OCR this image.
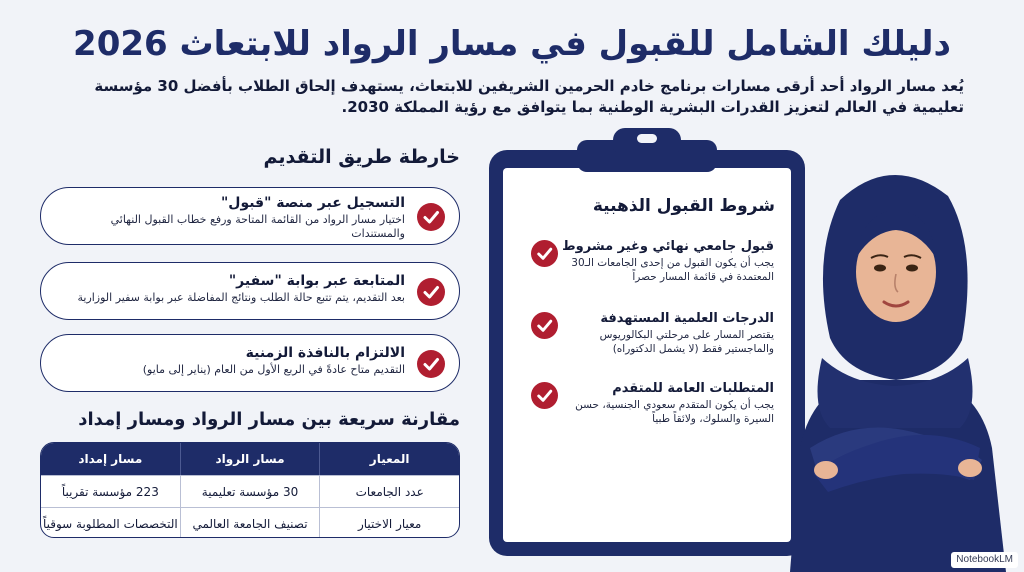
دليلك الشامل للقبول في مسار الرواد للابتعاث 2026

يُعد مسار الرواد أحد أرقى مسارات برنامج خادم الحرمين الشريفين للابتعاث، يستهدف إلحاق الطلاب بأفضل 30 مؤسسة تعليمية في العالم لتعزيز القدرات البشرية الوطنية بما يتوافق مع رؤية المملكة 2030.

خارطة طريق التقديم
التسجيل عبر منصة "قبول"
اختيار مسار الرواد من القائمة المتاحة ورفع خطاب القبول النهائي والمستندات
المتابعة عبر بوابة "سفير"
بعد التقديم، يتم تتبع حالة الطلب ونتائج المفاضلة عبر بوابة سفير الوزارية
الالتزام بالنافذة الزمنية
التقديم متاح عادةً في الربع الأول من العام (يناير إلى مايو)
مقارنة سريعة بين مسار الرواد ومسار إمداد
المعيار
مسار الرواد
مسار إمداد
عدد الجامعات
30 مؤسسة تعليمية
223 مؤسسة تقريباً
معيار الاختيار
تصنيف الجامعة العالمي
التخصصات المطلوبة سوقياً
شروط القبول الذهبية
قبول جامعي نهائي وغير مشروط
يجب أن يكون القبول من إحدى الجامعات الـ30 المعتمدة في قائمة المسار حصراً
الدرجات العلمية المستهدفة
يقتصر المسار على مرحلتي البكالوريوس والماجستير فقط (لا يشمل الدكتوراه)
المتطلبات العامة للمتقدم
يجب أن يكون المتقدم سعودي الجنسية، حسن السيرة والسلوك، ولائقاً طبياً
NotebookLM
